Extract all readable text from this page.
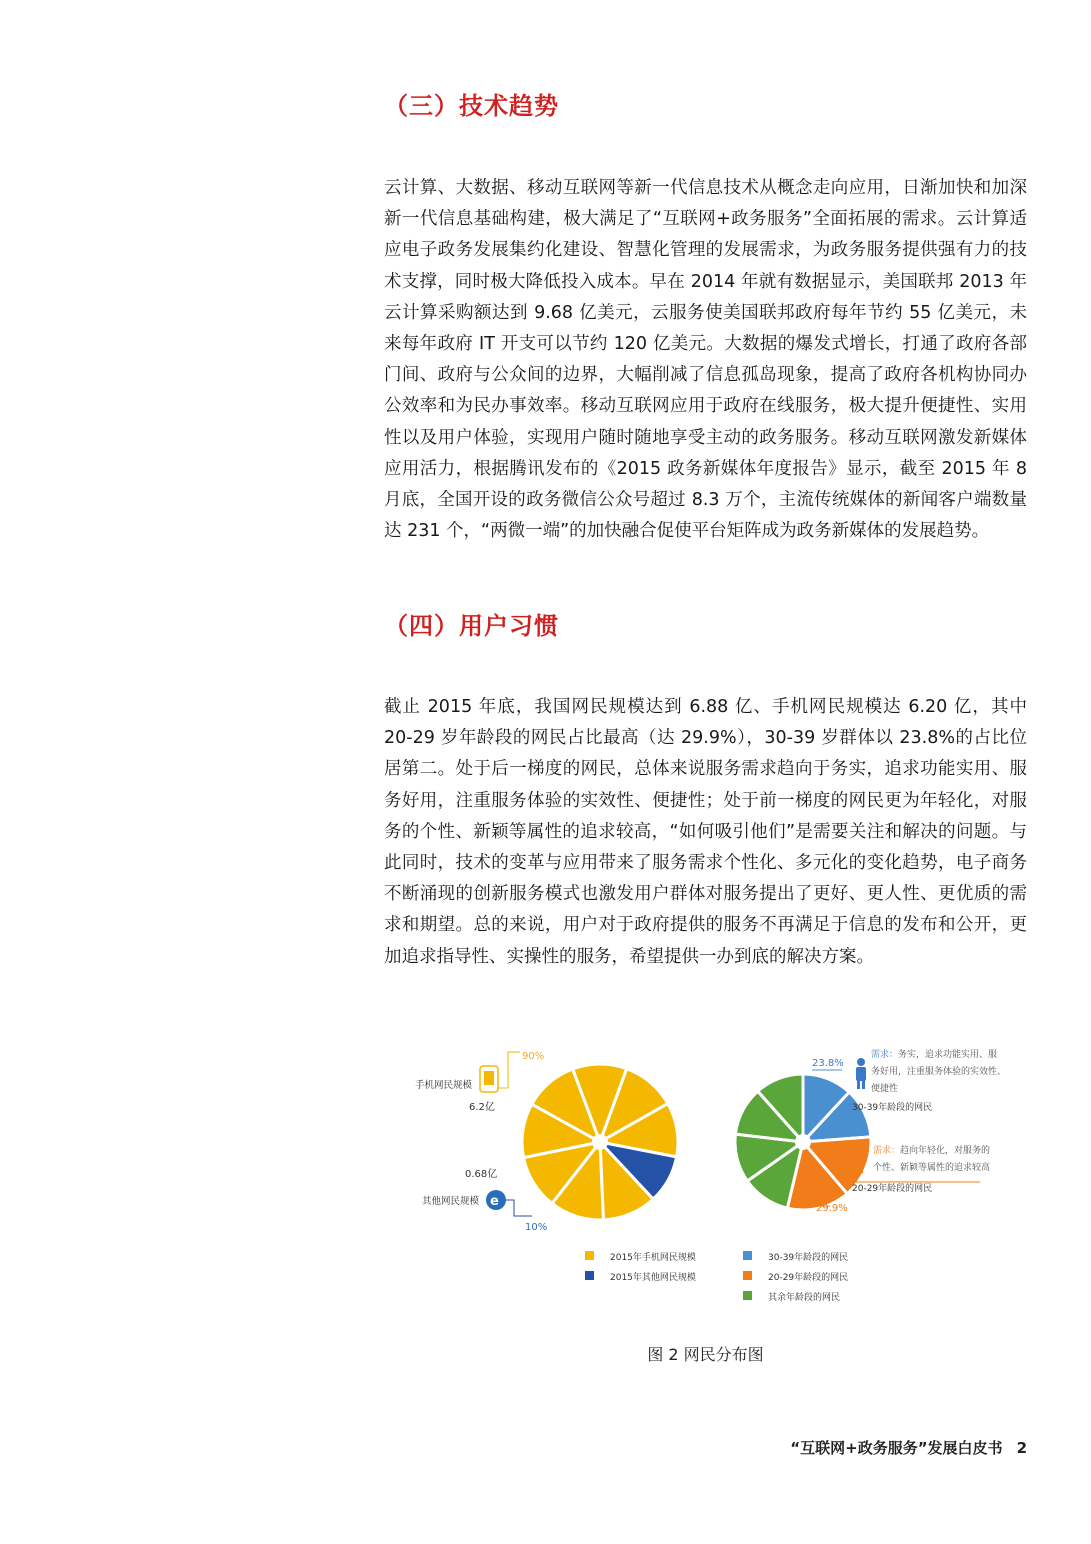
（三）技术趋势
云计算、大数据、移动互联网等新一代信息技术从概念走向应用，日渐加快和加深新一代信息基础构建，极大满足了“互联网+政务服务”全面拓展的需求。云计算适应电子政务发展集约化建设、智慧化管理的发展需求，为政务服务提供强有力的技术支撑，同时极大降低投入成本。早在 2014 年就有数据显示，美国联邦 2013 年云计算采购额达到 9.68 亿美元，云服务使美国联邦政府每年节约 55 亿美元，未来每年政府 IT 开支可以节约 120 亿美元。大数据的爆发式增长，打通了政府各部门间、政府与公众间的边界，大幅削减了信息孤岛现象，提高了政府各机构协同办公效率和为民办事效率。移动互联网应用于政府在线服务，极大提升便捷性、实用性以及用户体验，实现用户随时随地享受主动的政务服务。移动互联网激发新媒体应用活力，根据腾讯发布的《2015 政务新媒体年度报告》显示，截至 2015 年 8 月底，全国开设的政务微信公众号超过 8.3 万个，主流传统媒体的新闻客户端数量达 231 个，“两微一端”的加快融合促使平台矩阵成为政务新媒体的发展趋势。
（四）用户习惯
截止 2015 年底，我国网民规模达到 6.88 亿、手机网民规模达 6.20 亿，其中 20-29 岁年龄段的网民占比最高（达 29.9%），30-39 岁群体以 23.8%的占比位居第二。处于后一梯度的网民，总体来说服务需求趋向于务实，追求功能实用、服务好用，注重服务体验的实效性、便捷性；处于前一梯度的网民更为年轻化，对服务的个性、新颖等属性的追求较高，“如何吸引他们”是需要关注和解决的问题。与此同时，技术的变革与应用带来了服务需求个性化、多元化的变化趋势，电子商务不断涌现的创新服务模式也激发用户群体对服务提出了更好、更人性、更优质的需求和期望。总的来说，用户对于政府提供的服务不再满足于信息的发布和公开，更加追求指导性、实操性的服务，希望提供一办到底的解决方案。
90%
手机网民规模
6.2亿
0.68亿
其他网民规模 e
10%
23.8%
需求：务实，追求功能实用、服
务好用，注重服务体验的实效性、
便捷性
30-39年龄段的网民
需求：趋向年轻化，对服务的
个性、新颖等属性的追求较高
20-29年龄段的网民
29.9%
2015年手机网民规模
2015年其他网民规模
30-39年龄段的网民
20-29年龄段的网民
其余年龄段的网民
图 2 网民分布图
“互联网+政务服务”发展白皮书 2
